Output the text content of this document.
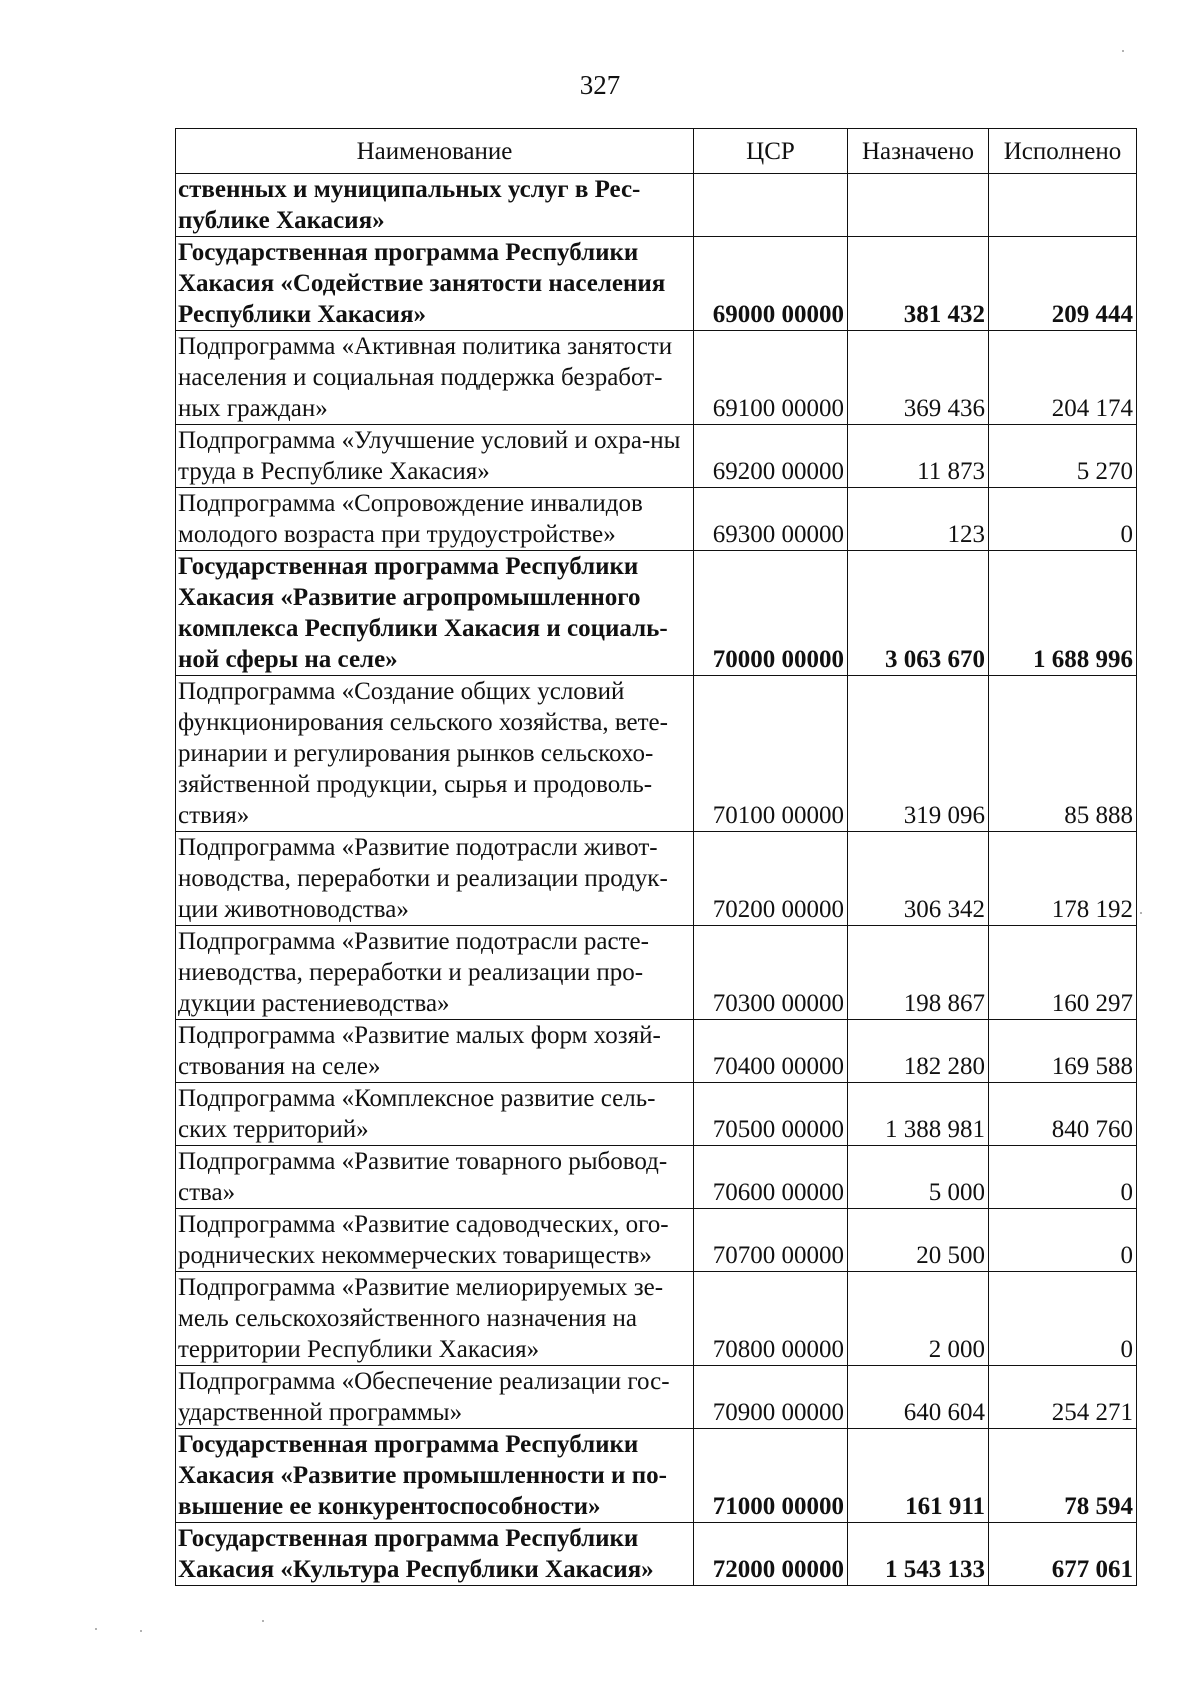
327
Наименование	ЦСР	Назначено	Исполнено
ственных и муниципальных услуг в Рес-публике Хакасия»			
Государственная программа Республики Хакасия «Содействие занятости населения Республики Хакасия»	69000 00000	381 432	209 444
Подпрограмма «Активная политика занятости населения и социальная поддержка безработ-ных граждан»	69100 00000	369 436	204 174
Подпрограмма «Улучшение условий и охра-ны труда в Республике Хакасия»	69200 00000	11 873	5 270
Подпрограмма «Сопровождение инвалидов молодого возраста при трудоустройстве»	69300 00000	123	0
Государственная программа Республики Хакасия «Развитие агропромышленного комплекса Республики Хакасия и социаль-ной сферы на селе»	70000 00000	3 063 670	1 688 996
Подпрограмма «Создание общих условий функционирования сельского хозяйства, вете-ринарии и регулирования рынков сельскохо-зяйственной продукции, сырья и продоволь-ствия»	70100 00000	319 096	85 888
Подпрограмма «Развитие подотрасли живот-новодства, переработки и реализации продук-ции животноводства»	70200 00000	306 342	178 192
Подпрограмма «Развитие подотрасли расте-ниеводства, переработки и реализации про-дукции растениеводства»	70300 00000	198 867	160 297
Подпрограмма «Развитие малых форм хозяй-ствования на селе»	70400 00000	182 280	169 588
Подпрограмма «Комплексное развитие сель-ских территорий»	70500 00000	1 388 981	840 760
Подпрограмма «Развитие товарного рыбовод-ства»	70600 00000	5 000	0
Подпрограмма «Развитие садоводческих, ого-роднических некоммерческих товариществ»	70700 00000	20 500	0
Подпрограмма «Развитие мелиорируемых зе-мель сельскохозяйственного назначения на территории Республики Хакасия»	70800 00000	2 000	0
Подпрограмма «Обеспечение реализации гос-ударственной программы»	70900 00000	640 604	254 271
Государственная программа Республики Хакасия «Развитие промышленности и по-вышение ее конкурентоспособности»	71000 00000	161 911	78 594
Государственная программа Республики Хакасия «Культура Республики Хакасия»	72000 00000	1 543 133	677 061
